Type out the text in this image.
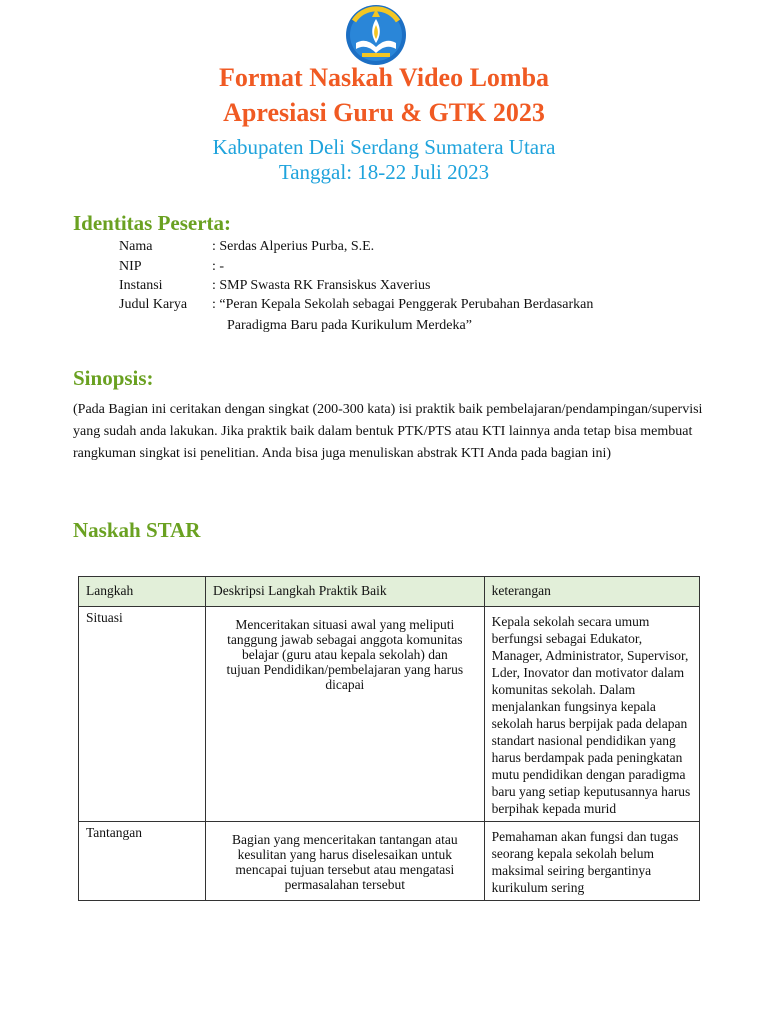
Format Naskah Video Lomba
Apresiasi Guru & GTK 2023
Kabupaten Deli Serdang Sumatera Utara
Tanggal: 18-22 Juli 2023
Identitas Peserta:
Nama	: Serdas Alperius Purba, S.E.
NIP	: -
Instansi	: SMP Swasta RK Fransiskus Xaverius
Judul Karya : “Peran Kepala Sekolah sebagai Penggerak Perubahan Berdasarkan
Paradigma Baru pada Kurikulum Merdeka”
Sinopsis:
(Pada Bagian ini ceritakan dengan singkat (200-300 kata) isi praktik baik pembelajaran/pendampingan/supervisi yang sudah anda lakukan. Jika praktik baik dalam bentuk PTK/PTS atau KTI lainnya anda tetap bisa membuat rangkuman singkat isi penelitian. Anda bisa juga menuliskan abstrak KTI Anda pada bagian ini)
Naskah STAR
Langkah	Deskripsi Langkah Praktik Baik	keterangan
Situasi	Menceritakan situasi awal yang meliputi tanggung jawab sebagai anggota komunitas belajar (guru atau kepala sekolah) dan tujuan Pendidikan/pembelajaran yang harus dicapai	Kepala sekolah secara umum berfungsi sebagai Edukator, Manager, Administrator, Supervisor, Lder, Inovator dan motivator dalam komunitas sekolah. Dalam menjalankan fungsinya kepala sekolah harus berpijak pada delapan standart nasional pendidikan yang harus berdampak pada peningkatan mutu pendidikan dengan paradigma baru yang setiap keputusannya harus berpihak kepada murid
Tantangan	Bagian yang menceritakan tantangan atau kesulitan yang harus diselesaikan untuk mencapai tujuan tersebut atau mengatasi permasalahan tersebut	Pemahaman akan fungsi dan tugas seorang kepala sekolah belum maksimal seiring bergantinya kurikulum sering
